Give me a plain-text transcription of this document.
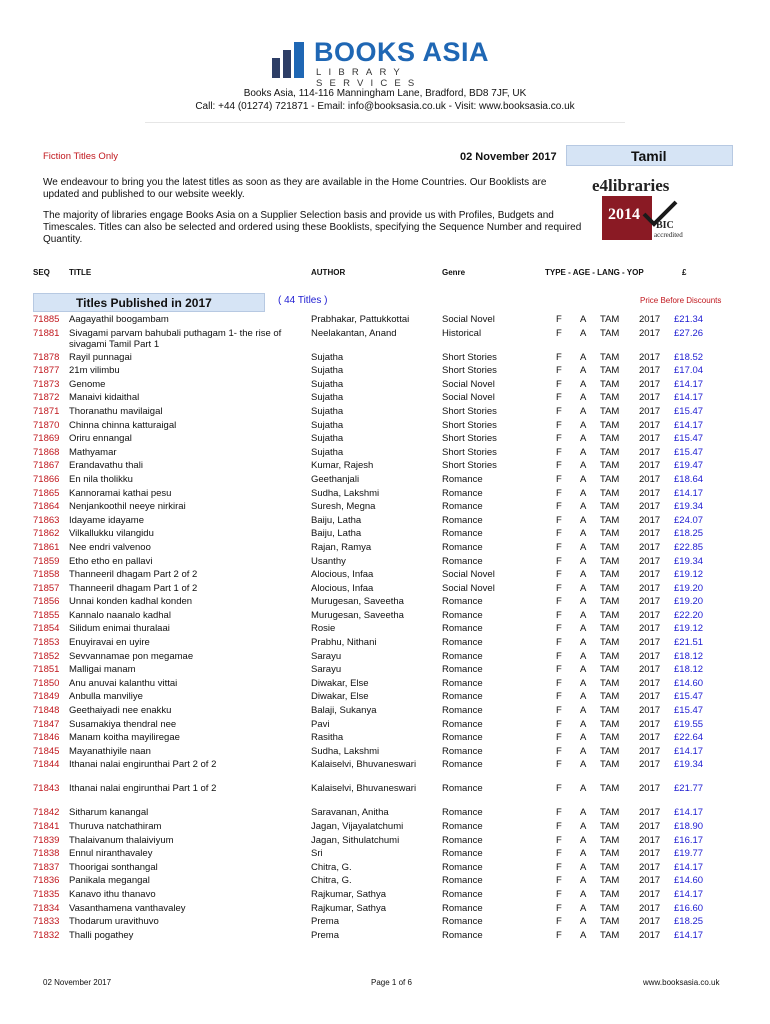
BOOKS ASIA
LIBRARY SERVICES
Books Asia, 114-116 Manningham Lane, Bradford, BD8 7JF, UK
Call: +44 (01274) 721871 - Email: info@booksasia.co.uk - Visit: www.booksasia.co.uk
Fiction Titles Only	02 November 2017	Tamil
We endeavour to bring you the latest titles as soon as they are available in the Home Countries. Our Booklists are updated and published to our website weekly.
The majority of libraries engage Books Asia on a Supplier Selection basis and provide us with Profiles, Budgets and Timescales. Titles can also be selected and ordered using these Booklists, specifying the Sequence Number and required Quantity.
e4libraries
2014
BIC
accredited
SEQ TITLE	AUTHOR	Genre	TYPE - AGE - LANG - YOP	£
Titles Published in 2017	( 44 Titles )	Price Before Discounts
71885 Aagayathil boogambam	Prabhakar, Pattukkottai	Social Novel	F A TAM 2017 £21.34
71881 Sivagami parvam bahubali puthagam 1- the rise of sivagami Tamil Part 1
Neelakantan, Anand	Historical	F A TAM 2017 £27.26
71878 Rayil punnagai	Sujatha	Short Stories	F A TAM 2017 £18.52
71877 21m vilimbu	Sujatha	Short Stories	F A TAM 2017 £17.04
71873 Genome	Sujatha	Social Novel	F A TAM 2017 £14.17
71872 Manaivi kidaithal	Sujatha	Social Novel	F A TAM 2017 £14.17
71871 Thoranathu mavilaigal	Sujatha	Short Stories	F A TAM 2017 £15.47
71870 Chinna chinna katturaigal	Sujatha	Short Stories	F A TAM 2017 £14.17
71869 Oriru ennangal	Sujatha	Short Stories	F A TAM 2017 £15.47
71868 Mathyamar	Sujatha	Short Stories	F A TAM 2017 £15.47
71867 Erandavathu thali	Kumar, Rajesh	Short Stories	F A TAM 2017 £19.47
71866 En nila tholikku	Geethanjali	Romance	F A TAM 2017 £18.64
71865 Kannoramai kathai pesu	Sudha, Lakshmi	Romance	F A TAM 2017 £14.17
71864 Nenjankoothil neeye nirkirai	Suresh, Megna	Romance	F A TAM 2017 £19.34
71863 Idayame idayame	Baiju, Latha	Romance	F A TAM 2017 £24.07
71862 Vilkallukku vilangidu	Baiju, Latha	Romance	F A TAM 2017 £18.25
71861 Nee endri valvenoo	Rajan, Ramya	Romance	F A TAM 2017 £22.85
71859 Etho etho en pallavi	Usanthy	Romance	F A TAM 2017 £19.34
71858 Thanneeril dhagam Part 2 of 2	Alocious, Infaa	Social Novel	F A TAM 2017 £19.12
71857 Thanneeril dhagam Part 1 of 2	Alocious, Infaa	Social Novel	F A TAM 2017 £19.20
71856 Unnai konden kadhal konden	Murugesan, Saveetha	Romance	F A TAM 2017 £19.20
71855 Kannalo naanalo kadhal	Murugesan, Saveetha	Romance	F A TAM 2017 £22.20
71854 Silidum enimai thuralaai	Rosie	Romance	F A TAM 2017 £19.12
71853 Enuyiravai en uyire	Prabhu, Nithani	Romance	F A TAM 2017 £21.51
71852 Sevvannamae pon megamae	Sarayu	Romance	F A TAM 2017 £18.12
71851 Malligai manam	Sarayu	Romance	F A TAM 2017 £18.12
71850 Anu anuvai kalanthu vittai	Diwakar, Else	Romance	F A TAM 2017 £14.60
71849 Anbulla manviliye	Diwakar, Else	Romance	F A TAM 2017 £15.47
71848 Geethaiyadi nee enakku	Balaji, Sukanya	Romance	F A TAM 2017 £15.47
71847 Susamakiya thendral nee	Pavi	Romance	F A TAM 2017 £19.55
71846 Manam koitha mayiliregae	Rasitha	Romance	F A TAM 2017 £22.64
71845 Mayanathiyile naan	Sudha, Lakshmi	Romance	F A TAM 2017 £14.17
71844 Ithanai nalai engirunthai Part 2 of 2	Kalaiselvi, Bhuvaneswari	Romance	F A TAM 2017 £19.34
71843 Ithanai nalai engirunthai Part 1 of 2	Kalaiselvi, Bhuvaneswari	Romance	F A TAM 2017 £21.77
71842 Sitharum kanangal	Saravanan, Anitha	Romance	F A TAM 2017 £14.17
71841 Thuruva natchathiram	Jagan, Vijayalatchumi	Romance	F A TAM 2017 £18.90
71839 Thalaivanum thalaiviyum	Jagan, Sithulatchumi	Romance	F A TAM 2017 £16.17
71838 Ennul niranthavaley	Sri	Romance	F A TAM 2017 £19.77
71837 Thoorigai sonthangal	Chitra, G.	Romance	F A TAM 2017 £14.17
71836 Panikala megangal	Chitra, G.	Romance	F A TAM 2017 £14.60
71835 Kanavo ithu thanavo	Rajkumar, Sathya	Romance	F A TAM 2017 £14.17
71834 Vasanthamena vanthavaley	Rajkumar, Sathya	Romance	F A TAM 2017 £16.60
71833 Thodarum uravithuvo	Prema	Romance	F A TAM 2017 £18.25
71832 Thalli pogathey	Prema	Romance	F A TAM 2017 £14.17
02 November 2017	Page 1 of 6	www.booksasia.co.uk
